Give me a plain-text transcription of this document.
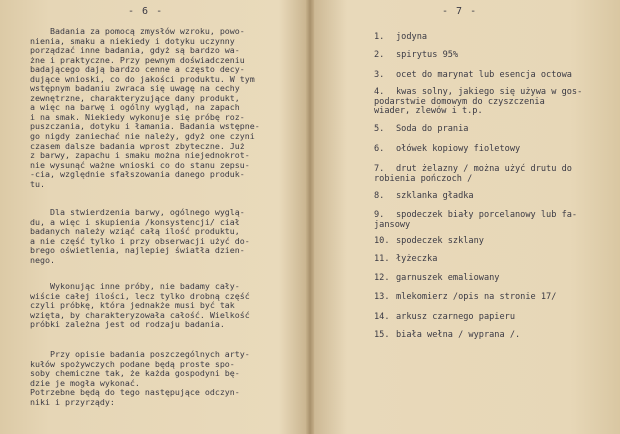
- 6 -
Badania za pomocą zmysłów wzroku, powo-
nienia, smaku a niekiedy i dotyku uczynny
porządzać inne badania, gdyż są bardzo wa-
żne i praktyczne. Przy pewnym doświadczeniu
badającego dają bardzo cenne a często decy-
dujące wnioski, co do jakości produktu. W tym
wstępnym badaniu zwraca się uwagę na cechy
zewnętrzne, charakteryzujące dany produkt,
a więc na barwę i ogólny wygląd, na zapach
i na smak. Niekiedy wykonuje się próbę roz-
puszczania, dotyku i łamania. Badania wstępne-
go nigdy zaniechać nie należy, gdyż one czyni
czasem dalsze badania wprost zbyteczne. Już
z barwy, zapachu i smaku można niejednokrot-
nie wysunąć ważne wnioski co do stanu zepsu-
-cia, względnie sfałszowania danego produk-
tu.
Dla stwierdzenia barwy, ogólnego wyglą-
du, a więc i skupienia /konsystencji/ ciał
badanych należy wziąć całą ilość produktu,
a nie część tylko i przy obserwacji użyć do-
brego oświetlenia, najlepiej światła dzien-
nego.
Wykonując inne próby, nie badamy cały-
wiście całej ilości, lecz tylko drobną część
czyli próbkę, która jednakże musi być tak
wzięta, by charakteryzowała całość. Wielkość
próbki zależna jest od rodzaju badania.
Przy opisie badania poszczególnych arty-
kułów spożywczych podane będą proste spo-
soby chemiczne tak, że każda gospodyni bę-
dzie je mogła wykonać.
Potrzebne będą do tego następujące odczyn-
niki i przyrządy:
- 7 -
1. jodyna
2. spirytus 95%
3. ocet do marynat lub esencja octowa
4. kwas solny, jakiego się używa w gos-
podarstwie domowym do czyszczenia
wiader, zlewów i t.p.
5. Soda do prania
6. ołówek kopiowy fioletowy
7. drut żelazny / można użyć drutu do
robienia pończoch /
8. szklanka gładka
9. spodeczek biały porcelanowy lub fa-
jansowy
10. spodeczek szklany
11. łyżeczka
12. garnuszek emaliowany
13. mlekomierz /opis na stronie 17/
14. arkusz czarnego papieru
15. biała wełna / wyprana /.
